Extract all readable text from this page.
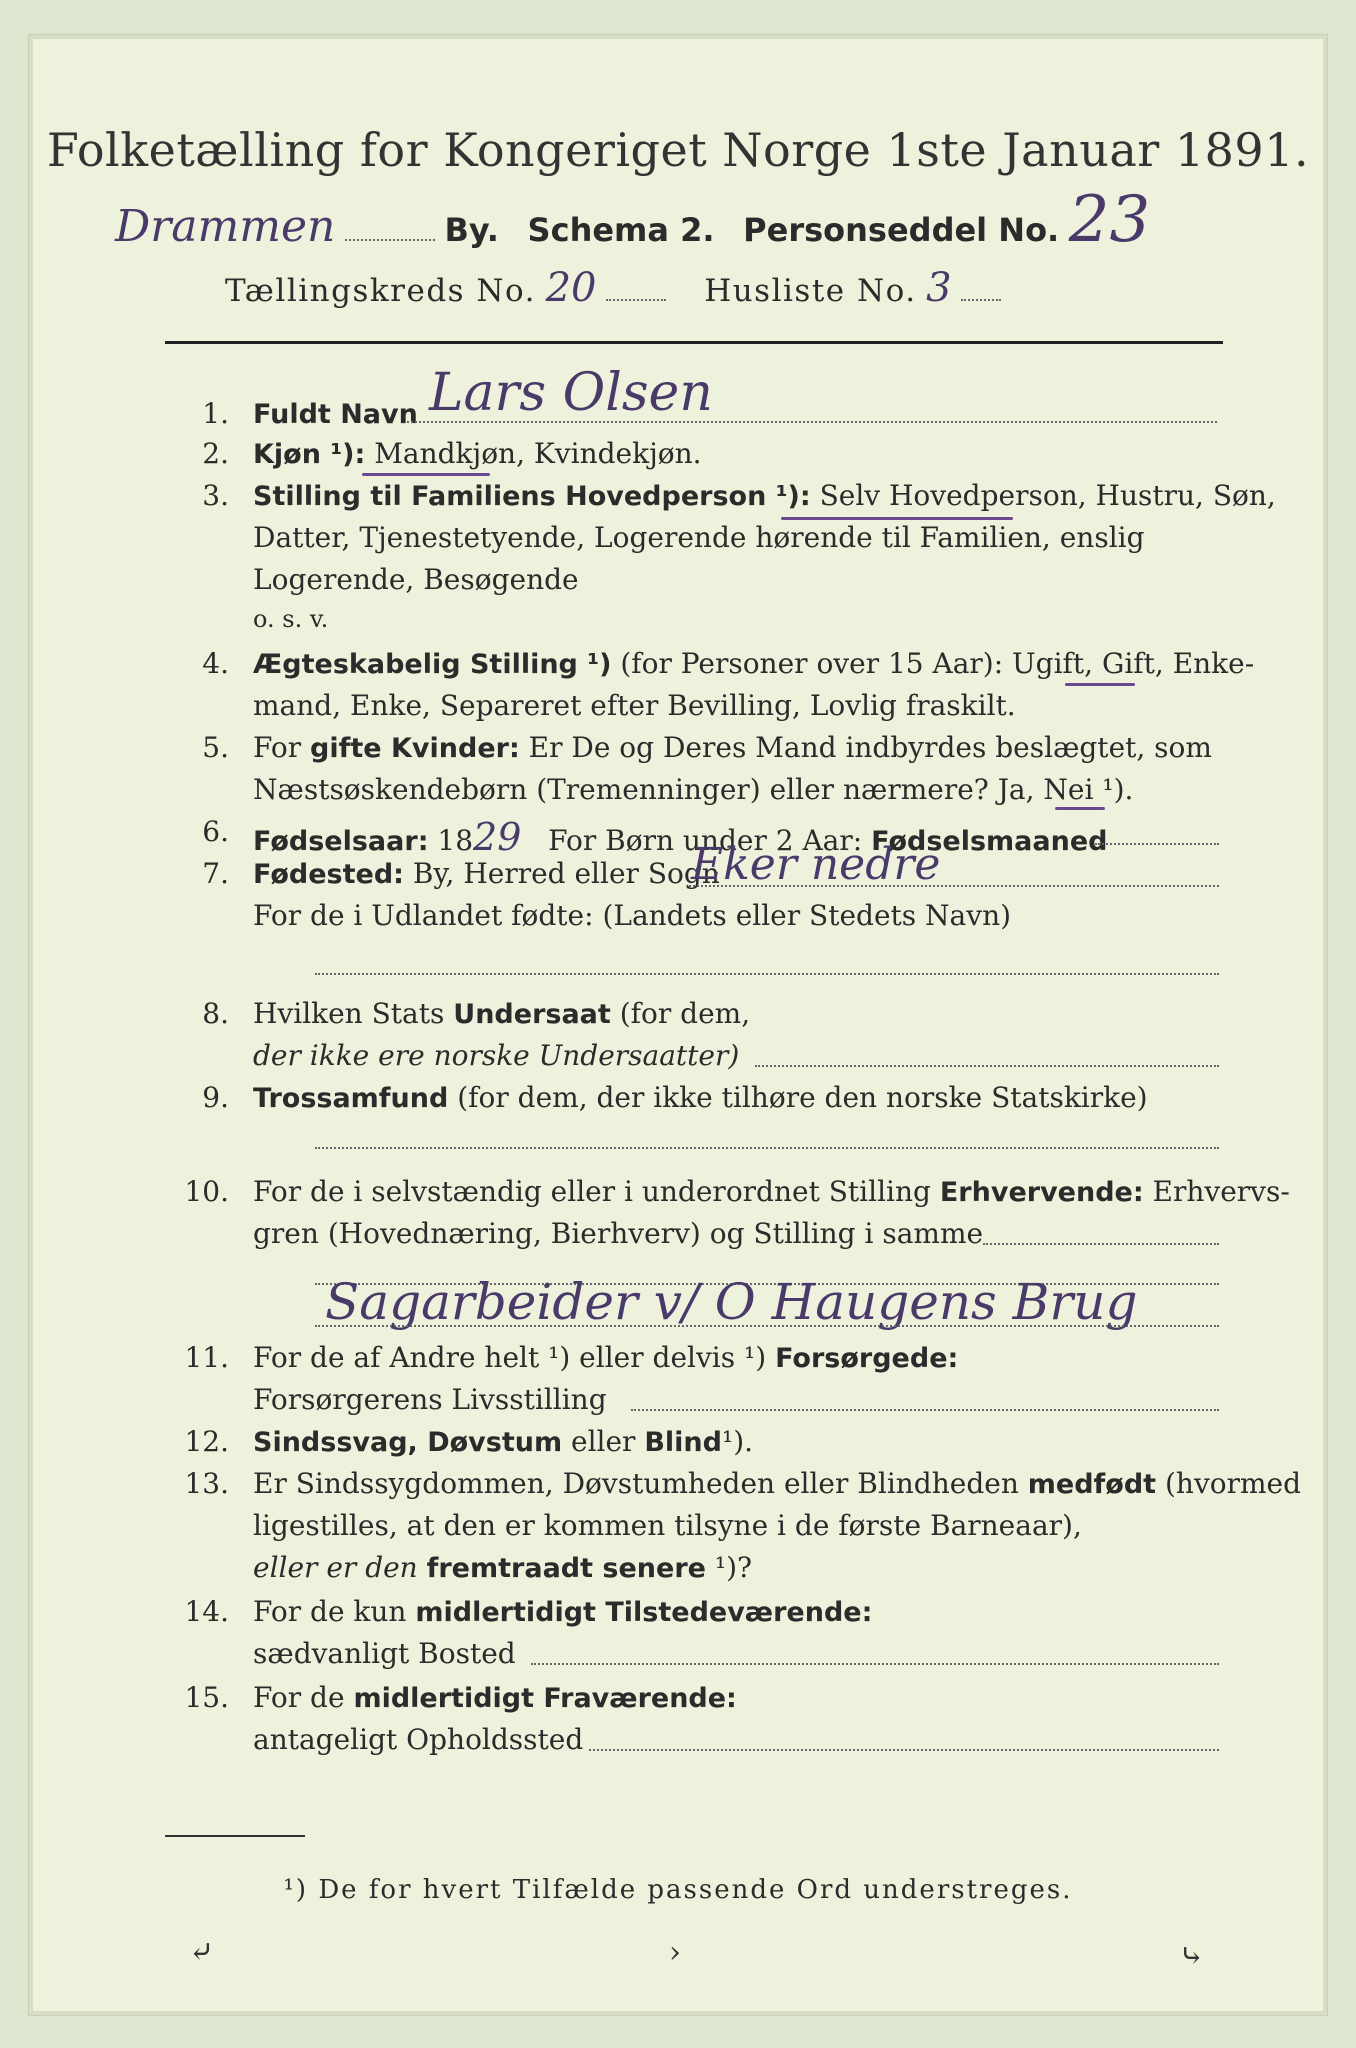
Folketælling for Kongeriget Norge 1ste Januar 1891.
Drammen	By. Schema 2. Personseddel No. 23
Tællingskreds No. 20	Husliste No. 3
1. Fuldt Navn Lars Olsen
2. Kjøn ¹): Mandkjøn, Kvindekjøn.
3. Stilling til Familiens Hovedperson ¹): Selv Hovedperson, Hustru, Søn,
Datter, Tjenestetyende, Logerende hørende til Familien, enslig
Logerende, Besøgende
o. s. v.
4. Ægteskabelig Stilling ¹) (for Personer over 15 Aar): Ugift, Gift, Enke-
mand, Enke, Separeret efter Bevilling, Lovlig fraskilt.
5. For gifte Kvinder: Er De og Deres Mand indbyrdes beslægtet, som
Næstsøskendebørn (Tremenninger) eller nærmere? Ja, Nei ¹).
6. Fødselsaar: 1829 For Børn under 2 Aar: Fødselsmaaned
7. Fødested: By, Herred eller Sogn
Eker nedre
For de i Udlandet fødte: (Landets eller Stedets Navn)
8. Hvilken Stats Undersaat (for dem,
der ikke ere norske Undersaatter)
9. Trossamfund (for dem, der ikke tilhøre den norske Statskirke)
10. For de i selvstændig eller i underordnet Stilling Erhvervende: Erhvervs-
gren (Hovednæring, Bierhverv) og Stilling i samme
Sagarbeider v/ O Haugens Brug
11. For de af Andre helt ¹) eller delvis ¹) Forsørgede:
Forsørgerens Livsstilling
12. Sindssvag, Døvstum eller Blind¹).
13. Er Sindssygdommen, Døvstumheden eller Blindheden medfødt (hvormed
ligestilles, at den er kommen tilsyne i de første Barneaar),
eller er den fremtraadt senere ¹)?
14. For de kun midlertidigt Tilstedeværende:
sædvanligt Bosted
15. For de midlertidigt Fraværende:
antageligt Opholdssted
¹) De for hvert Tilfælde passende Ord understreges.
⤶	›	⤷
